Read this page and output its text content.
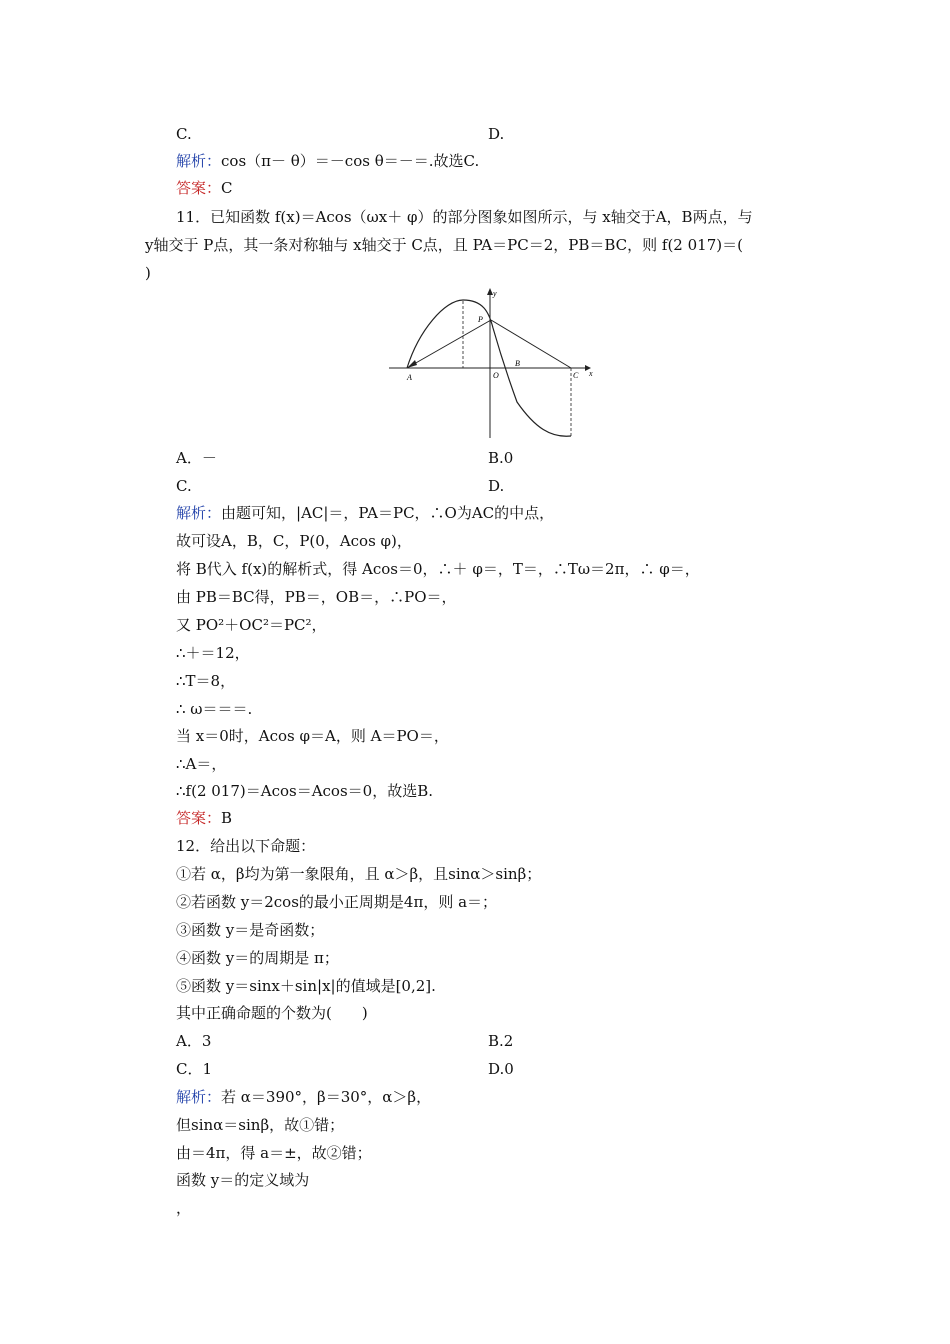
C.	D.
解析：cos（π－ θ）＝－cos θ＝－＝.故选C.
答案：C
11．已知函数 f(x)＝Acos（ωx＋ φ）的部分图象如图所示，与 x轴交于A，B两点，与
y轴交于 P点，其一条对称轴与 x轴交于 C点，且 PA＝PC＝2，PB＝BC，则 f(2 017)＝(
)
y
x
A	O
B
C
P
A．－	B.0
C.	D.
解析：由题可知，|AC|＝，PA＝PC，∴O为AC的中点，
故可设A，B，C，P(0，Acos φ)，
将 B代入 f(x)的解析式，得 Acos＝0，∴＋ φ＝，T＝，∴Tω＝2π，∴ φ＝，
由 PB＝BC得，PB＝，OB＝，∴PO＝，
又 PO²＋OC²＝PC²，
∴＋＝12，
∴T＝8，
∴ ω＝＝＝.
当 x＝0时，Acos φ＝A，则 A＝PO＝，
∴A＝，
∴f(2 017)＝Acos＝Acos＝0，故选B.
答案：B
12．给出以下命题：
①若 α，β均为第一象限角，且 α＞β，且sinα＞sinβ；
②若函数 y＝2cos的最小正周期是4π，则 a＝；
③函数 y＝是奇函数；
④函数 y＝的周期是 π；
⑤函数 y＝sinx＋sin|x|的值域是[0,2].
其中正确命题的个数为(　　)
A．3	B.2
C．1	D.0
解析：若 α＝390°，β＝30°，α＞β，
但sinα＝sinβ，故①错；
由＝4π，得 a＝±，故②错；
函数 y＝的定义域为
，
